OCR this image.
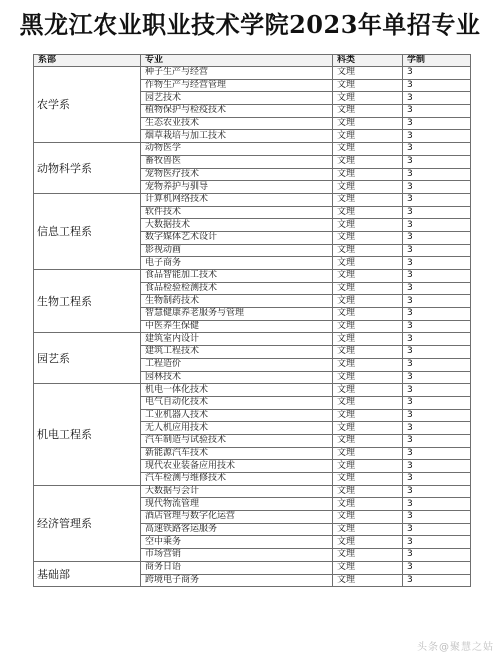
黑龙江农业职业技术学院2023年单招专业
系部	专业	科类	学制
农学系	种子生产与经营	文理	3
	作物生产与经营管理	文理	3
	园艺技术	文理	3
	植物保护与检疫技术	文理	3
	生态农业技术	文理	3
	烟草栽培与加工技术	文理	3
动物科学系	动物医学	文理	3
	畜牧兽医	文理	3
	宠物医疗技术	文理	3
	宠物养护与驯导	文理	3
信息工程系	计算机网络技术	文理	3
	软件技术	文理	3
	大数据技术	文理	3
	数字媒体艺术设计	文理	3
	影视动画	文理	3
	电子商务	文理	3
生物工程系	食品智能加工技术	文理	3
	食品检验检测技术	文理	3
	生物制药技术	文理	3
	智慧健康养老服务与管理	文理	3
	中医养生保健	文理	3
园艺系	建筑室内设计	文理	3
	建筑工程技术	文理	3
	工程造价	文理	3
	园林技术	文理	3
机电工程系	机电一体化技术	文理	3
	电气自动化技术	文理	3
	工业机器人技术	文理	3
	无人机应用技术	文理	3
	汽车制造与试验技术	文理	3
	新能源汽车技术	文理	3
	现代农业装备应用技术	文理	3
	汽车检测与维修技术	文理	3
经济管理系	大数据与会计	文理	3
	现代物流管理	文理	3
	酒店管理与数字化运营	文理	3
	高速铁路客运服务	文理	3
	空中乘务	文理	3
	市场营销	文理	3
基础部	商务日语	文理	3
	跨境电子商务	文理	3
头条@聚慧之姑
